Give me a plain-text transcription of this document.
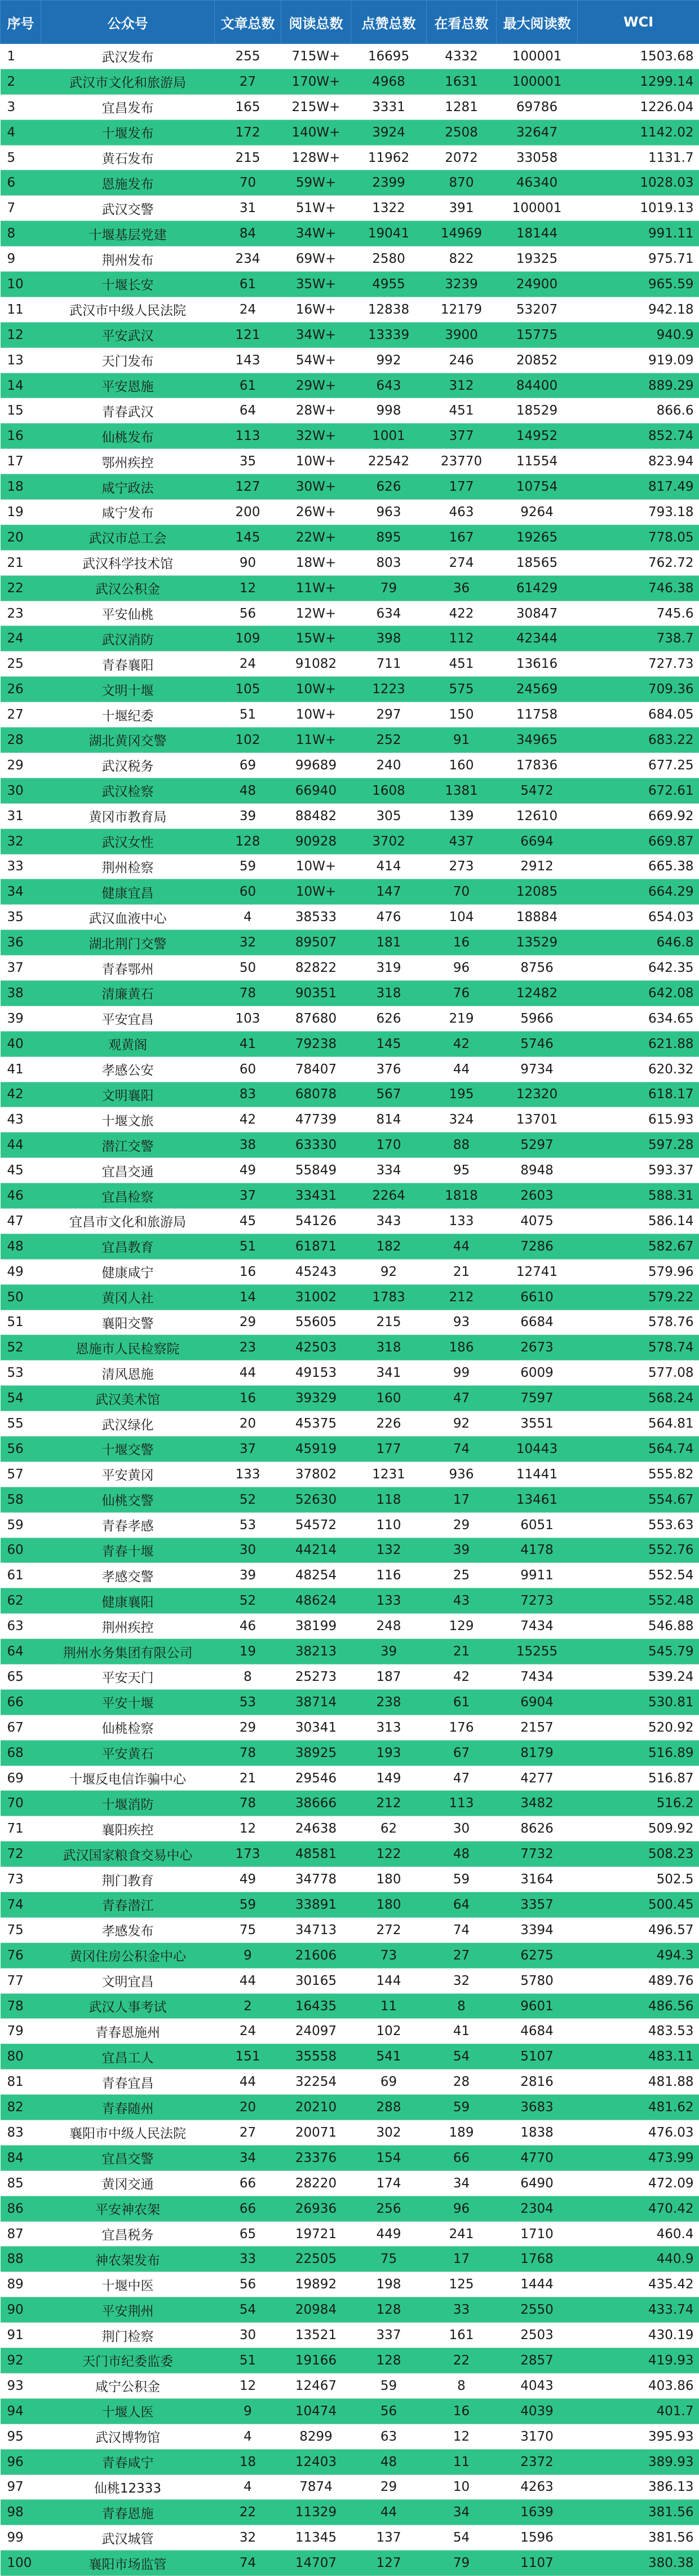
序号	公众号	文章总数	阅读总数	点赞总数	在看总数	最大阅读数	WCI
1	武汉发布	255	715W+	16695	4332	100001	1503.68
2	武汉市文化和旅游局	27	170W+	4968	1631	100001	1299.14
3	宜昌发布	165	215W+	3331	1281	69786	1226.04
4	十堰发布	172	140W+	3924	2508	32647	1142.02
5	黄石发布	215	128W+	11962	2072	33058	1131.7
6	恩施发布	70	59W+	2399	870	46340	1028.03
7	武汉交警	31	51W+	1322	391	100001	1019.13
8	十堰基层党建	84	34W+	19041	14969	18144	991.11
9	荆州发布	234	69W+	2580	822	19325	975.71
10	十堰长安	61	35W+	4955	3239	24900	965.59
11	武汉市中级人民法院	24	16W+	12838	12179	53207	942.18
12	平安武汉	121	34W+	13339	3900	15775	940.9
13	天门发布	143	54W+	992	246	20852	919.09
14	平安恩施	61	29W+	643	312	84400	889.29
15	青春武汉	64	28W+	998	451	18529	866.6
16	仙桃发布	113	32W+	1001	377	14952	852.74
17	鄂州疾控	35	10W+	22542	23770	11554	823.94
18	咸宁政法	127	30W+	626	177	10754	817.49
19	咸宁发布	200	26W+	963	463	9264	793.18
20	武汉市总工会	145	22W+	895	167	19265	778.05
21	武汉科学技术馆	90	18W+	803	274	18565	762.72
22	武汉公积金	12	11W+	79	36	61429	746.38
23	平安仙桃	56	12W+	634	422	30847	745.6
24	武汉消防	109	15W+	398	112	42344	738.7
25	青春襄阳	24	91082	711	451	13616	727.73
26	文明十堰	105	10W+	1223	575	24569	709.36
27	十堰纪委	51	10W+	297	150	11758	684.05
28	湖北黄冈交警	102	11W+	252	91	34965	683.22
29	武汉税务	69	99689	240	160	17836	677.25
30	武汉检察	48	66940	1608	1381	5472	672.61
31	黄冈市教育局	39	88482	305	139	12610	669.92
32	武汉女性	128	90928	3702	437	6694	669.87
33	荆州检察	59	10W+	414	273	2912	665.38
34	健康宜昌	60	10W+	147	70	12085	664.29
35	武汉血液中心	4	38533	476	104	18884	654.03
36	湖北荆门交警	32	89507	181	16	13529	646.8
37	青春鄂州	50	82822	319	96	8756	642.35
38	清廉黄石	78	90351	318	76	12482	642.08
39	平安宜昌	103	87680	626	219	5966	634.65
40	观黄阁	41	79238	145	42	5746	621.88
41	孝感公安	60	78407	376	44	9734	620.32
42	文明襄阳	83	68078	567	195	12320	618.17
43	十堰文旅	42	47739	814	324	13701	615.93
44	潜江交警	38	63330	170	88	5297	597.28
45	宜昌交通	49	55849	334	95	8948	593.37
46	宜昌检察	37	33431	2264	1818	2603	588.31
47	宜昌市文化和旅游局	45	54126	343	133	4075	586.14
48	宜昌教育	51	61871	182	44	7286	582.67
49	健康咸宁	16	45243	92	21	12741	579.96
50	黄冈人社	14	31002	1783	212	6610	579.22
51	襄阳交警	29	55605	215	93	6684	578.76
52	恩施市人民检察院	23	42503	318	186	2673	578.74
53	清风恩施	44	49153	341	99	6009	577.08
54	武汉美术馆	16	39329	160	47	7597	568.24
55	武汉绿化	20	45375	226	92	3551	564.81
56	十堰交警	37	45919	177	74	10443	564.74
57	平安黄冈	133	37802	1231	936	11441	555.82
58	仙桃交警	52	52630	118	17	13461	554.67
59	青春孝感	53	54572	110	29	6051	553.63
60	青春十堰	30	44214	132	39	4178	552.76
61	孝感交警	39	48254	116	25	9911	552.54
62	健康襄阳	52	48624	133	43	7273	552.48
63	荆州疾控	46	38199	248	129	7434	546.88
64	荆州水务集团有限公司	19	38213	39	21	15255	545.79
65	平安天门	8	25273	187	42	7434	539.24
66	平安十堰	53	38714	238	61	6904	530.81
67	仙桃检察	29	30341	313	176	2157	520.92
68	平安黄石	78	38925	193	67	8179	516.89
69	十堰反电信诈骗中心	21	29546	149	47	4277	516.87
70	十堰消防	78	38666	212	113	3482	516.2
71	襄阳疾控	12	24638	62	30	8626	509.92
72	武汉国家粮食交易中心	173	48581	122	48	7732	508.23
73	荆门教育	49	34778	180	59	3164	502.5
74	青春潜江	59	33891	180	64	3357	500.45
75	孝感发布	75	34713	272	74	3394	496.57
76	黄冈住房公积金中心	9	21606	73	27	6275	494.3
77	文明宜昌	44	30165	144	32	5780	489.76
78	武汉人事考试	2	16435	11	8	9601	486.56
79	青春恩施州	24	24097	102	41	4684	483.53
80	宜昌工人	151	35558	541	54	5107	483.11
81	青春宜昌	44	32254	69	28	2816	481.88
82	青春随州	20	20210	288	59	3683	481.62
83	襄阳市中级人民法院	27	20071	302	189	1838	476.03
84	宜昌交警	34	23376	154	66	4770	473.99
85	黄冈交通	66	28220	174	34	6490	472.09
86	平安神农架	66	26936	256	96	2304	470.42
87	宜昌税务	65	19721	449	241	1710	460.4
88	神农架发布	33	22505	75	17	1768	440.9
89	十堰中医	56	19892	198	125	1444	435.42
90	平安荆州	54	20984	128	33	2550	433.74
91	荆门检察	30	13521	337	161	2503	430.19
92	天门市纪委监委	51	19166	128	22	2857	419.93
93	咸宁公积金	12	12467	59	8	4043	403.86
94	十堰人医	9	10474	56	16	4039	401.7
95	武汉博物馆	4	8299	63	12	3170	395.93
96	青春咸宁	18	12403	48	11	2372	389.93
97	仙桃12333	4	7874	29	10	4263	386.13
98	青春恩施	22	11329	44	34	1639	381.56
99	武汉城管	32	11345	137	54	1596	381.56
100	襄阳市场监管	74	14707	127	79	1107	380.38
